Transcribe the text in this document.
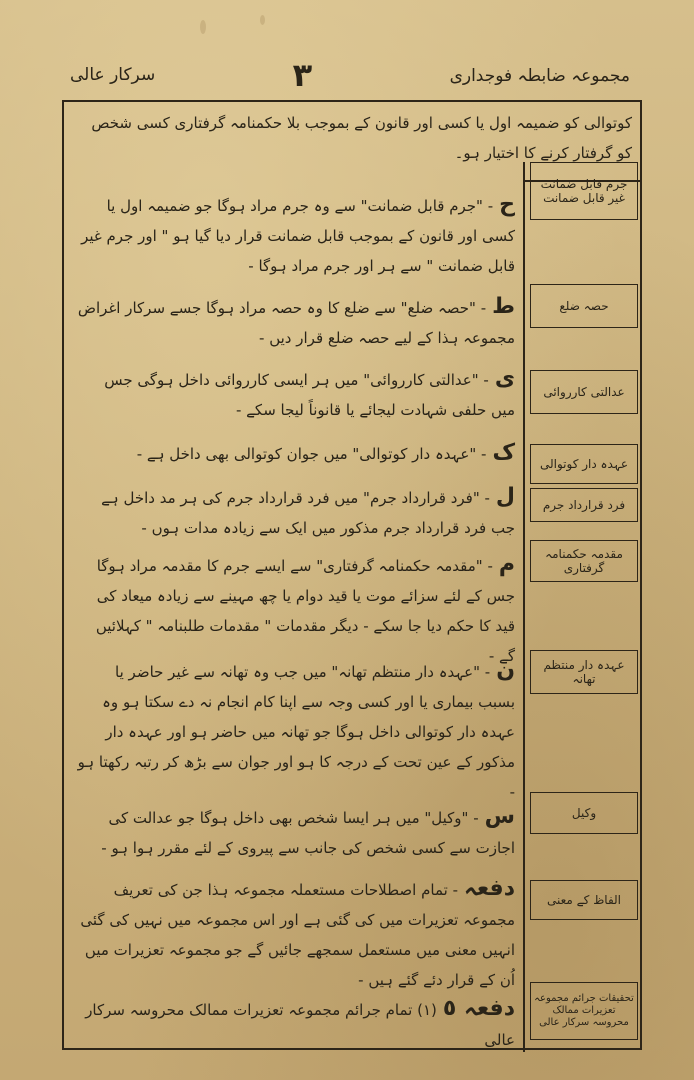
مجموعہ ضابطہ فوجداری
٣
سرکار عالی
کوتوالی کو ضمیمہ اول یا کسی اور قانون کے بموجب بلا حکمنامہ گرفتاری کسی شخص کو گرفتار کرنے کا اختیار ہو۔
جرم قابل ضمانت غیر قابل ضمانت
ح- "جرم قابل ضمانت" سے وہ جرم مراد ہوگا جو ضمیمہ اول یا کسی اور قانون کے بموجب قابل ضمانت قرار دیا گیا ہو " اور جرم غیر قابل ضمانت " سے ہر اور جرم مراد ہوگا -
حصہ ضلع
ط- "حصہ ضلع" سے ضلع کا وہ حصہ مراد ہوگا جسے سرکار اغراض مجموعہ ہذا کے لیے حصہ ضلع قرار دیں -
عدالتی کارروائی
ی- "عدالتی کارروائی" میں ہر ایسی کارروائی داخل ہوگی جس میں حلفی شہادت لیجائے یا قانوناً لیجا سکے -
عہدہ دار کوتوالی
ک- "عہدہ دار کوتوالی" میں جوان کوتوالی بھی داخل ہے -
فرد قرارداد جرم
ل- "فرد قرارداد جرم" میں فرد قرارداد جرم کی ہر مد داخل ہے جب فرد قرارداد جرم مذکور میں ایک سے زیادہ مدات ہوں -
مقدمہ حکمنامہ گرفتاری
م- "مقدمہ حکمنامہ گرفتاری" سے ایسے جرم کا مقدمہ مراد ہوگا جس کے لئے سزائے موت یا قید دوام یا چھ مہینے سے زیادہ میعاد کی قید کا حکم دیا جا سکے - دیگر مقدمات " مقدمات طلبنامہ " کہلائیں گے -	عہدہ دار منتظم تھانہ
ن- "عہدہ دار منتظم تھانہ" میں جب وہ تھانہ سے غیر حاضر یا بسبب بیماری یا اور کسی وجہ سے اپنا کام انجام نہ دے سکتا ہو وہ عہدہ دار کوتوالی داخل ہوگا جو تھانہ میں حاضر ہو اور عہدہ دار مذکور کے عین تحت کے درجہ کا ہو اور جوان سے بڑھ کر رتبہ رکھتا ہو -
وکیل
س- "وکیل" میں ہر ایسا شخص بھی داخل ہوگا جو عدالت کی اجازت سے کسی شخص کی جانب سے پیروی کے لئے مقرر ہوا ہو -
الفاظ کے معنی
دفعہ- تمام اصطلاحات مستعملہ مجموعہ ہذا جن کی تعریف مجموعہ تعزیرات میں کی گئی ہے اور اس مجموعہ میں نہیں کی گئی انہیں معنی میں مستعمل سمجھے جائیں گے جو مجموعہ تعزیرات میں اُن کے قرار دئے گئے ہیں -
تحقیقات جرائم مجموعہ تعزیرات ممالک محروسہ سرکار عالی
دفعہ ٥(١) تمام جرائم مجموعہ تعزیرات ممالک محروسہ سرکار عالی
